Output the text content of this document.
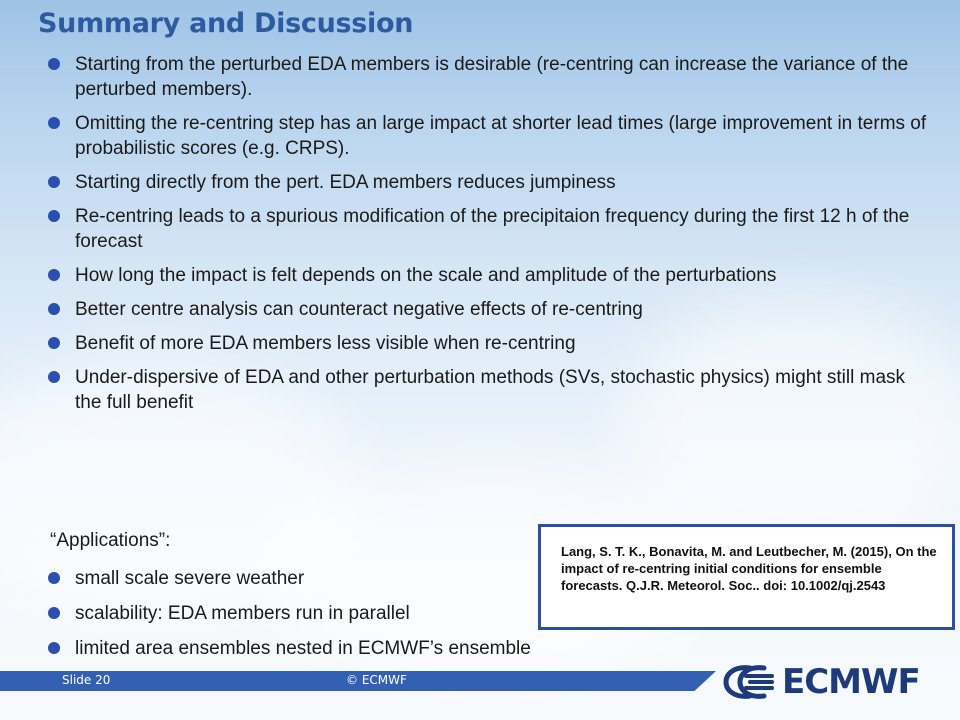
Summary and Discussion
Starting from the perturbed EDA members is desirable (re-centring can increase the variance of the perturbed members).
Omitting the re-centring step has an large impact at shorter lead times (large improvement in terms of probabilistic scores (e.g. CRPS).
Starting directly from the pert. EDA members reduces jumpiness
Re-centring leads to a spurious modification of the precipitaion frequency during the first 12 h of the forecast
How long the impact is felt depends on the scale and amplitude of the perturbations
Better centre analysis can counteract negative effects of re-centring
Benefit of more EDA members less visible when re-centring
Under-dispersive of EDA and other perturbation methods (SVs, stochastic physics) might still mask the full benefit
“Applications”:
small scale severe weather
scalability: EDA members run in parallel
limited area ensembles nested in ECMWF’s ensemble
Lang, S. T. K., Bonavita, M. and Leutbecher, M. (2015), On the impact of re-centring initial conditions for ensemble forecasts. Q.J.R. Meteorol. Soc.. doi: 10.1002/qj.2543
Slide 20	© ECMWF	ECMWF
